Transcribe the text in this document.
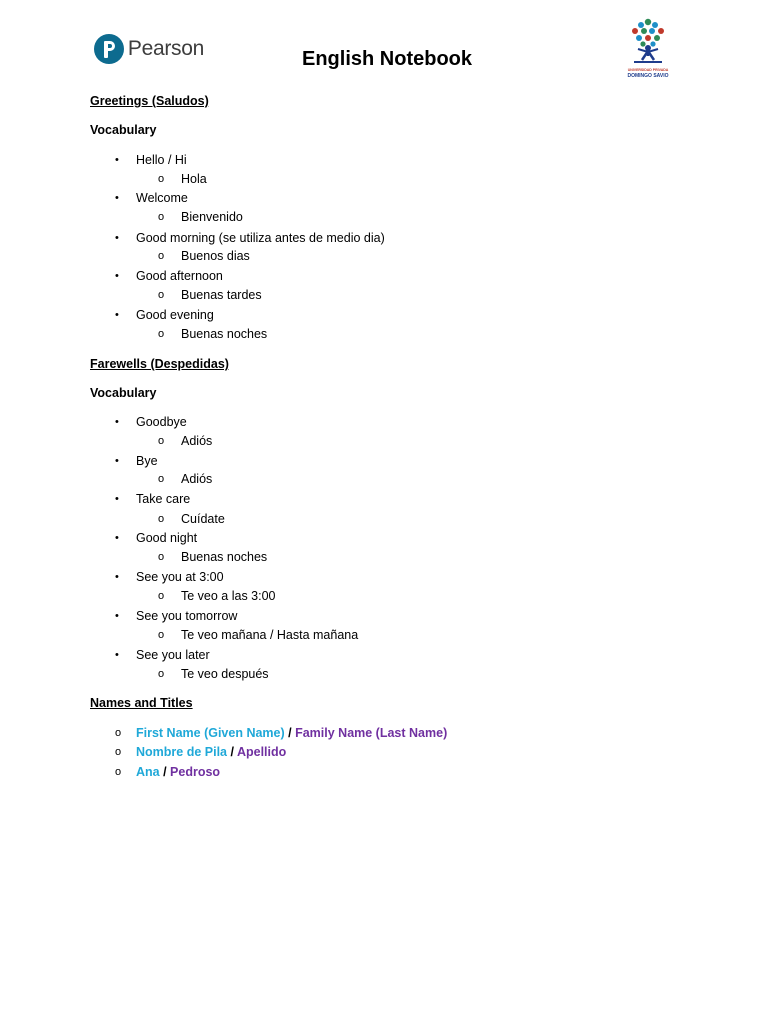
Pearson	English Notebook	UNIVERSIDAD PRIVADA
DOMINGO SAVIO
Greetings (Saludos)
Vocabulary
• Hello / Hi
o Hola
• Welcome
o Bienvenido
• Good morning (se utiliza antes de medio dia)
o Buenos dias
• Good afternoon
o Buenas tardes
• Good evening
o Buenas noches
Farewells (Despedidas)
Vocabulary
• Goodbye
o Adiós
• Bye
o Adiós
• Take care
o Cuídate
• Good night
o Buenas noches
• See you at 3:00
o Te veo a las 3:00
• See you tomorrow
o Te veo mañana / Hasta mañana
• See you later
o Te veo después
Names and Titles
o First Name (Given Name) / Family Name (Last Name)
o Nombre de Pila / Apellido
o Ana / Pedroso
